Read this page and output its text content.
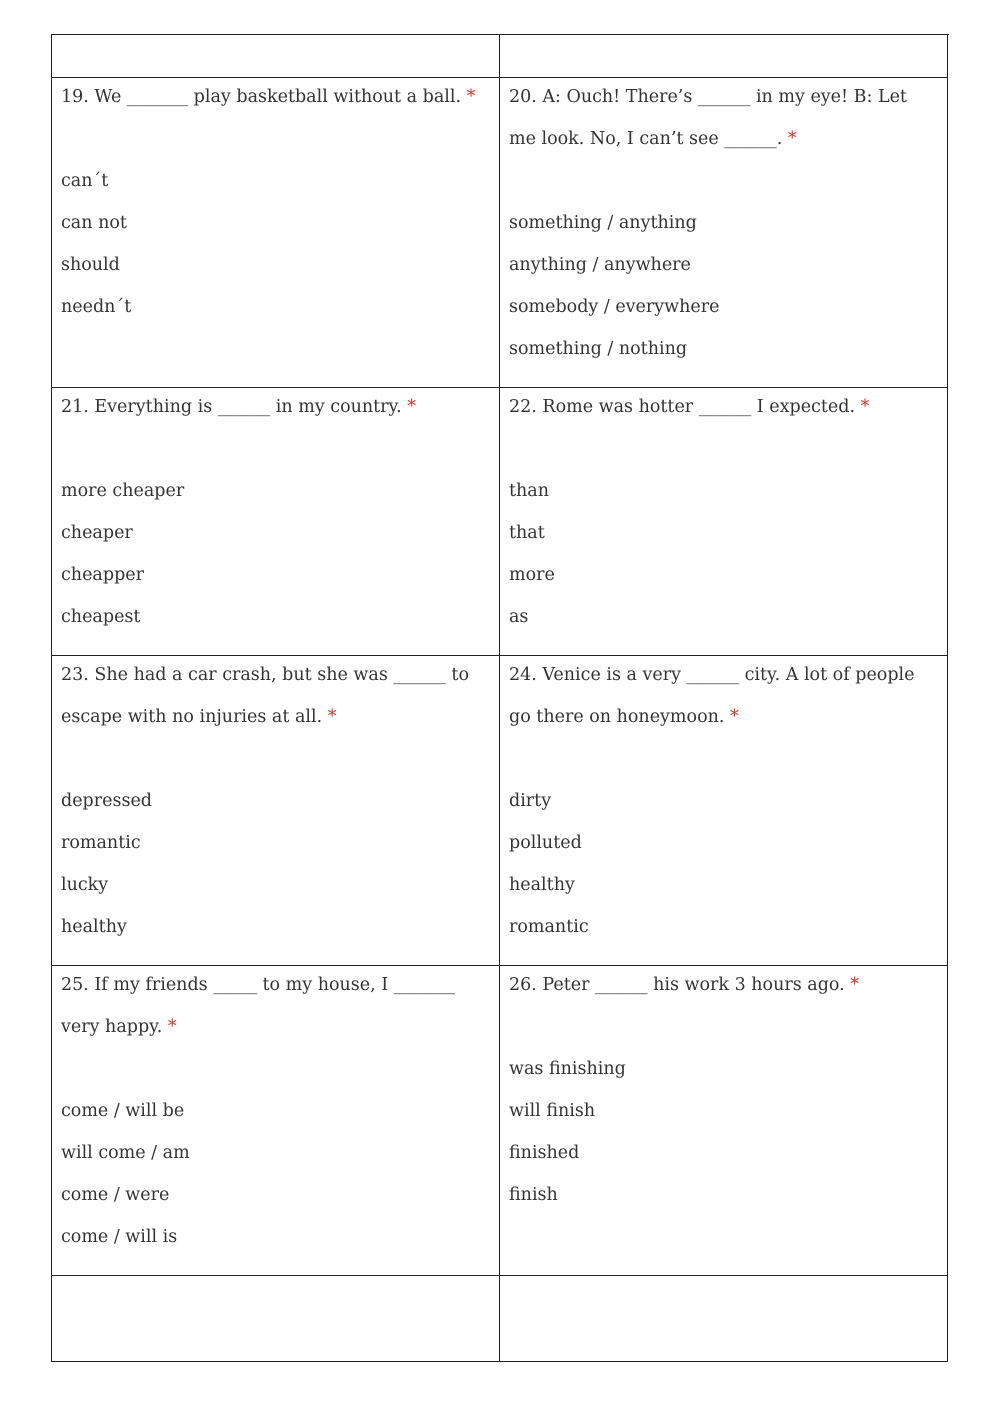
19. We _______ play basketball without a ball. *
can´t
can not
should
needn´t
20. A: Ouch! There’s ______ in my eye! B: Let me look. No, I can’t see ______. *
something / anything
anything / anywhere
somebody / everywhere
something / nothing
21. Everything is ______ in my country. *
more cheaper
cheaper
cheapper
cheapest
22. Rome was hotter ______ I expected. *
than
that
more
as
23. She had a car crash, but she was ______ to escape with no injuries at all. *
depressed
romantic
lucky
healthy
24. Venice is a very ______ city. A lot of people go there on honeymoon. *
dirty
polluted
healthy
romantic
25. If my friends _____ to my house, I _______ very happy. *
come / will be
will come / am
come / were
come / will is
26. Peter ______ his work 3 hours ago. *
was finishing
will finish
finished
finish
